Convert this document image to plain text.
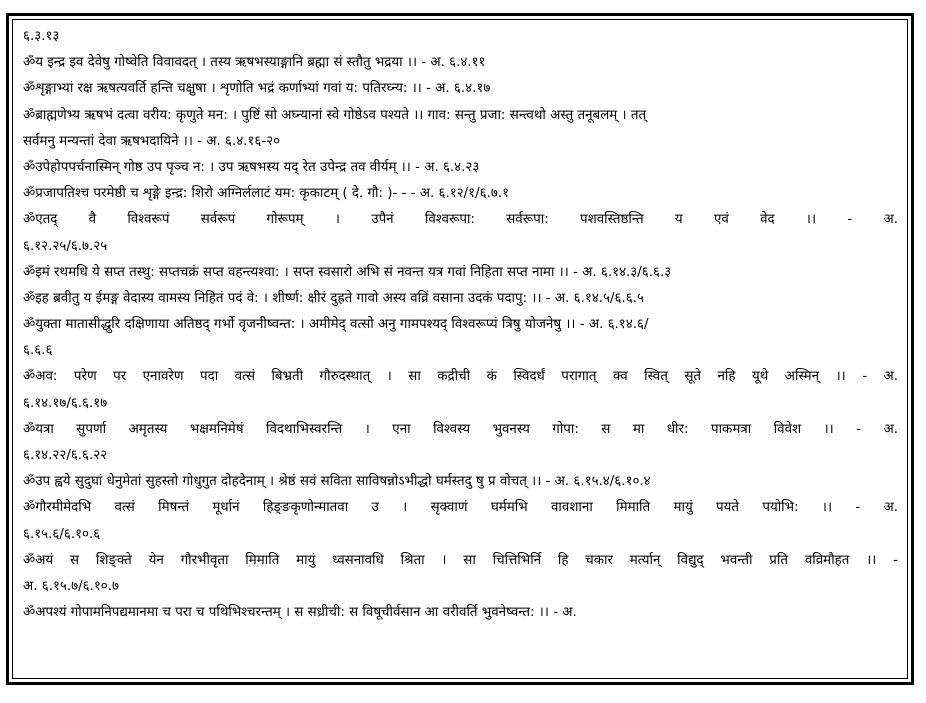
६.३.१३
ॐय इन्द्र इव देवेषु गोष्वेति विवावदत् । तस्य ऋषभस्याङ्गानि ब्रह्मा सं स्तौतु भद्रया ।। - अ. ६.४.११
ॐशृङ्गाभ्यां रक्ष ऋषत्यवर्ति हन्ति चक्षुषा । शृणोति भद्रं कर्णाभ्यां गवां य: पतिरघ्न्य: ।। - अ. ६.४.१७
ॐब्राह्मणेभ्य ऋषभं दत्वा वरीय: कृणुते मन: । पुष्टिं सो अघ्न्यानां स्वे गोष्ठेऽव पश्यते ।। गाव: सन्तु प्रजा: सन्त्वथो अस्तु तनूबलम् । तत्
सर्वमनु मन्यन्तां देवा ऋषभदायिने ।। - अ. ६.४.१६-२०
ॐउपेहोपपर्चनास्मिन् गोष्ठ उप पृञ्च न: । उप ऋषभस्य यद् रेत उपेन्द्र तव वीर्यम् ।। - अ. ६.४.२३
ॐप्रजापतिश्च परमेष्ठी च शृङ्गे इन्द्र: शिरो अग्निर्ललाटं यम: कृकाटम् ( दे. गौ: )- - - अ. ६.१२/१/६.७.१
ॐएतद् वै विश्वरूपं सर्वरूपं गोरूपम् । उपैनं विश्वरूपा: सर्वरूपा: पशवस्तिष्ठन्ति य एवं वेद ।। - अ.
६.१२.२५/६.७.२५
ॐइमं रथमधि ये सप्त तस्थु: सप्तचक्रं सप्त वहन्त्यश्वा: । सप्त स्वसारो अभि सं नवन्त यत्र गवां निहिता सप्त नामा ।। - अ. ६.१४.३/६.६.३
ॐइह ब्रवीतु य ईमङ्ग वेदास्य वामस्य निहितं पदं वे: । शीर्ष्ण: क्षीरं दुह्रते गावो अस्य वव्रिं वसाना उदकं पदापु: ।। - अ. ६.१४.५/६.६.५
ॐयुक्ता मातासीद्धुरि दक्षिणाया अतिष्ठद् गर्भो वृजनीष्वन्त: । अमीमेद् वत्सो अनु गामपश्यद् विश्वरूप्यं त्रिषु योजनेषु ।। - अ. ६.१४.६/
६.६.६
ॐअव: परेण पर एनावरेण पदा वत्सं बिभ्रती गौरुदस्थात् । सा कद्रीची कं स्विदर्धं परागात् क्व स्वित् सूते नहि यूथे अस्मिन् ।। - अ.
६.१४.१७/६.६.१७
ॐयत्रा सुपर्णा अमृतस्य भक्षमनिमेषं विदथाभिस्वरन्ति । एना विश्वस्य भुवनस्य गोपा: स मा धीर: पाकमत्रा विवेश ।। - अ.
६.१४.२२/६.६.२२
ॐउप ह्वये सुदुघां धेनुमेतां सुहस्तो गोधुगुत दोहदेनाम् । श्रेष्ठं सवं सविता साविषन्नोऽभीद्धो घर्मस्तदु षु प्र वोचत् ।। - अ. ६.१५.४/६.१०.४
ॐगौरमीमेदभि वत्सं मिषन्तं मूर्धानं हिङ्ङकृणोन्मातवा उ । सृक्वाणं घर्ममभि वावशाना मिमाति मायुं पयते पयोभि: ।। - अ.
६.१५.६/६.१०.६
ॐअयं स शिङ्क्ते येन गौरभीवृता मिमाति मायुं ध्वसनावधि श्रिता । सा चित्तिभिर्नि हि चकार मर्त्यान् विद्युद् भवन्ती प्रति वव्रिमौहत ।। -
अ. ६.१५.७/६.१०.७
ॐअपश्यं गोपामनिपद्यमानमा च परा च पथिभिश्चरन्तम् । स सध्रीची: स विषूचीर्वसान आ वरीवर्ति भुवनेष्वन्त: ।। - अ.
